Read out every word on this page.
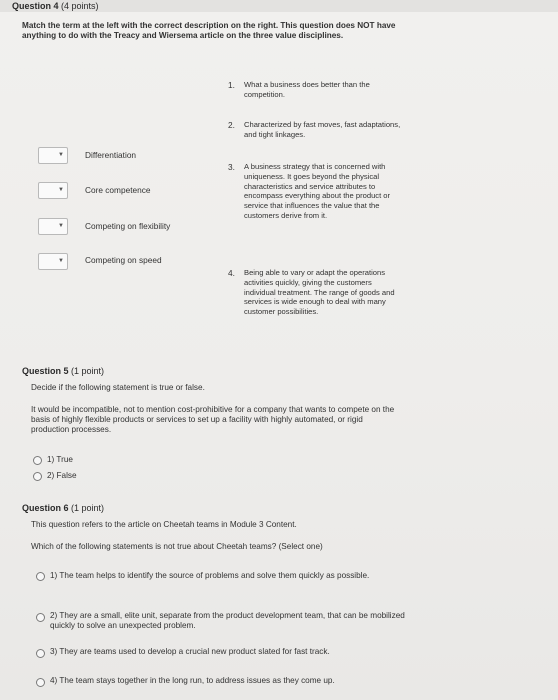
Question 4 (4 points)
Match the term at the left with the correct description on the right. This question does NOT have anything to do with the Treacy and Wiersema article on the three value disciplines.
1. What a business does better than the competition.
2. Characterized by fast moves, fast adaptations, and tight linkages.
3. A business strategy that is concerned with uniqueness. It goes beyond the physical characteristics and service attributes to encompass everything about the product or service that influences the value that the customers derive from it.
4. Being able to vary or adapt the operations activities quickly, giving the customers individual treatment. The range of goods and services is wide enough to deal with many customer possibilities.
▼	Differentiation
▼	Core competence
▼	Competing on flexibility
▼	Competing on speed
Question 5 (1 point)
Decide if the following statement is true or false.
It would be incompatible, not to mention cost-prohibitive for a company that wants to compete on the basis of highly flexible products or services to set up a facility with highly automated, or rigid production processes.
1) True
2) False
Question 6 (1 point)
This question refers to the article on Cheetah teams in Module 3 Content.
Which of the following statements is not true about Cheetah teams? (Select one)
1) The team helps to identify the source of problems and solve them quickly as possible.
2) They are a small, elite unit, separate from the product development team, that can be mobilized quickly to solve an unexpected problem.
3) They are teams used to develop a crucial new product slated for fast track.
4) The team stays together in the long run, to address issues as they come up.
